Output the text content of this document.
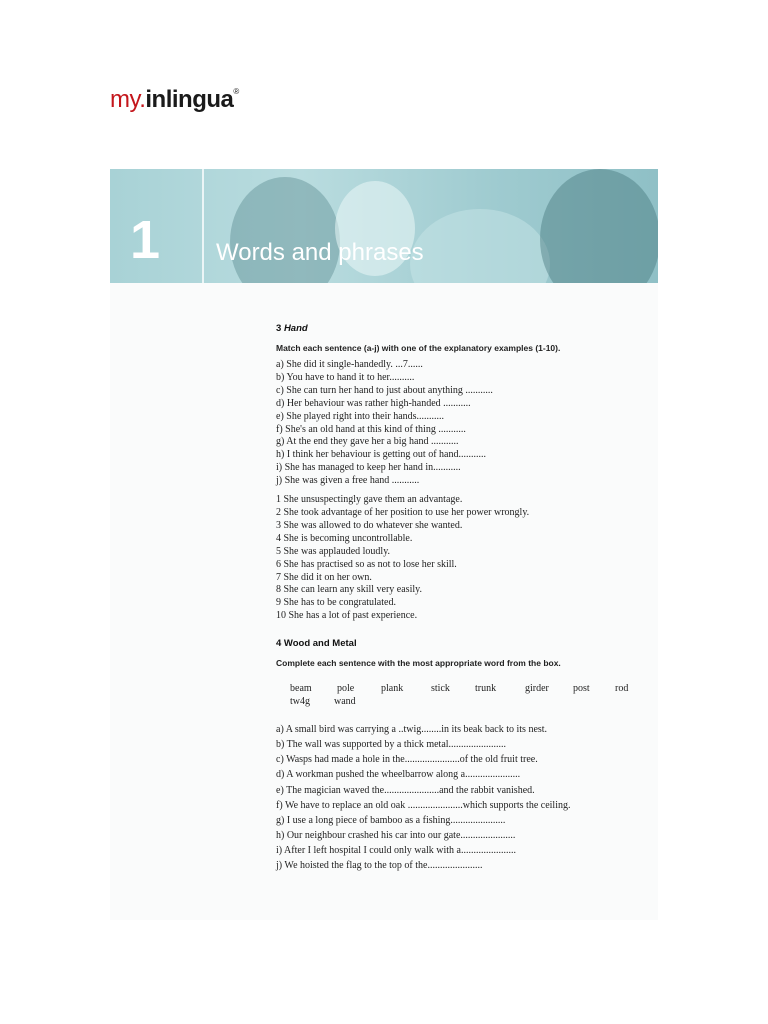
my.inlingua®
1 Words and phrases

3 Hand

Match each sentence (a-j) with one of the explanatory examples (1-10).

a) She did it single-handedly. ...7......
b) You have to hand it to her..........
c) She can turn her hand to just about anything ...........
d) Her behaviour was rather high-handed ...........
e) She played right into their hands...........
f) She's an old hand at this kind of thing ...........
g) At the end they gave her a big hand ...........
h) I think her behaviour is getting out of hand...........
i) She has managed to keep her hand in...........
j) She was given a free hand ...........
1 She unsuspectingly gave them an advantage.
2 She took advantage of her position to use her power wrongly.
3 She was allowed to do whatever she wanted.
4 She is becoming uncontrollable.
5 She was applauded loudly.
6 She has practised so as not to lose her skill.
7 She did it on her own.
8 She can learn any skill very easily.
9 She has to be congratulated.
10 She has a lot of past experience.

4 Wood and Metal

Complete each sentence with the most appropriate word from the box.

beam	pole	plank	stick	trunk	girder	post	rod
tw4g	wand
a) A small bird was carrying a ..twig........in its beak back to its nest.
b) The wall was supported by a thick metal.......................
c) Wasps had made a hole in the......................of the old fruit tree.
d) A workman pushed the wheelbarrow along a......................
e) The magician waved the......................and the rabbit vanished.
f) We have to replace an old oak ......................which supports the ceiling.
g) I use a long piece of bamboo as a fishing......................
h) Our neighbour crashed his car into our gate......................
i) After I left hospital I could only walk with a......................
j) We hoisted the flag to the top of the......................
